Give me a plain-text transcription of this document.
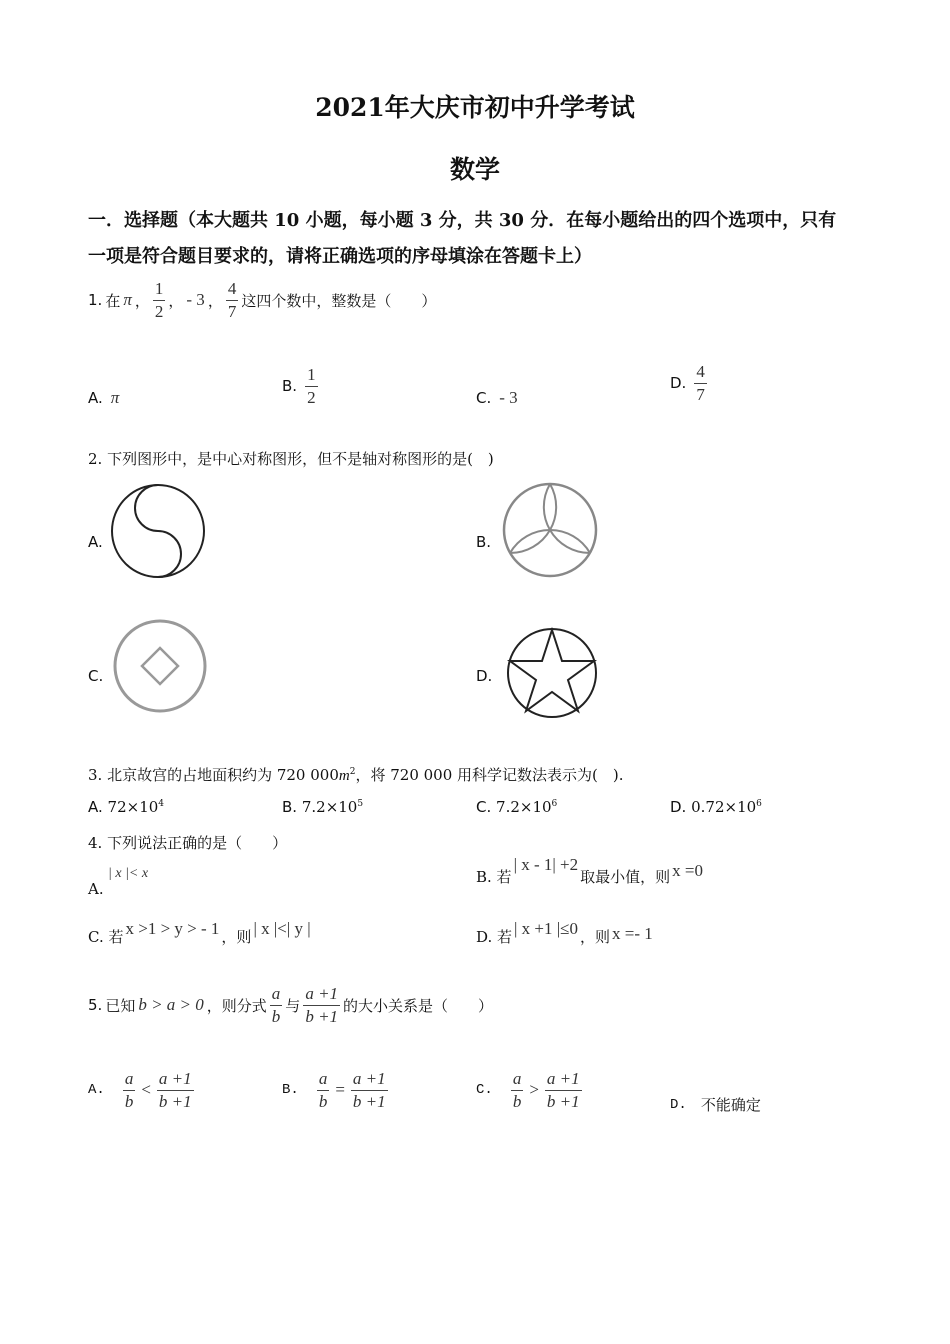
2021年大庆市初中升学考试
数学
一．选择题（本大题共 10 小题，每小题 3 分，共 30 分．在每小题给出的四个选项中，只有
一项是符合题目要求的，请将正确选项的序母填涂在答题卡上）
1. 在 π ， $\frac{1}{2}$ ， - 3 ， $\frac{4}{7}$ 这四个数中，整数是（　　）
A. π
B. $\frac{1}{2}$	C. - 3
D. $\frac{4}{7}$
2. 下列图形中，是中心对称图形，但不是轴对称图形的是(　)
A.	B.
C.	D.
3. 北京故宫的占地面积约为 720 $000m^2$，将 720 000 用科学记数法表示为(　).
A. $72\times 10^4$	B. $7.2\times 10^5$	C. $7.2\times 10^6$	D. $0.72\times 10^6$
4. 下列说法正确的是（　　）
A.
| x |< x	B. 若
| x - 1| +2
取最小值，则 x =0
C. 若 x >1 > y > - 1 ，则 | x |<| y |	D. 若 | x +1 |≤0 ，则 x =- 1
5. 已知 b > a > 0 ，则分式 $\frac{a}{b}$ 与 $\frac{a +1}{b +1}$ 的大小关系是（　　）
A. $\frac{a}{b} < \frac{a +1}{b +1}$	B. $\frac{a}{b} = \frac{a +1}{b +1}$	C. $\frac{a}{b} > \frac{a +1}{b +1}$	D. 不能确定
